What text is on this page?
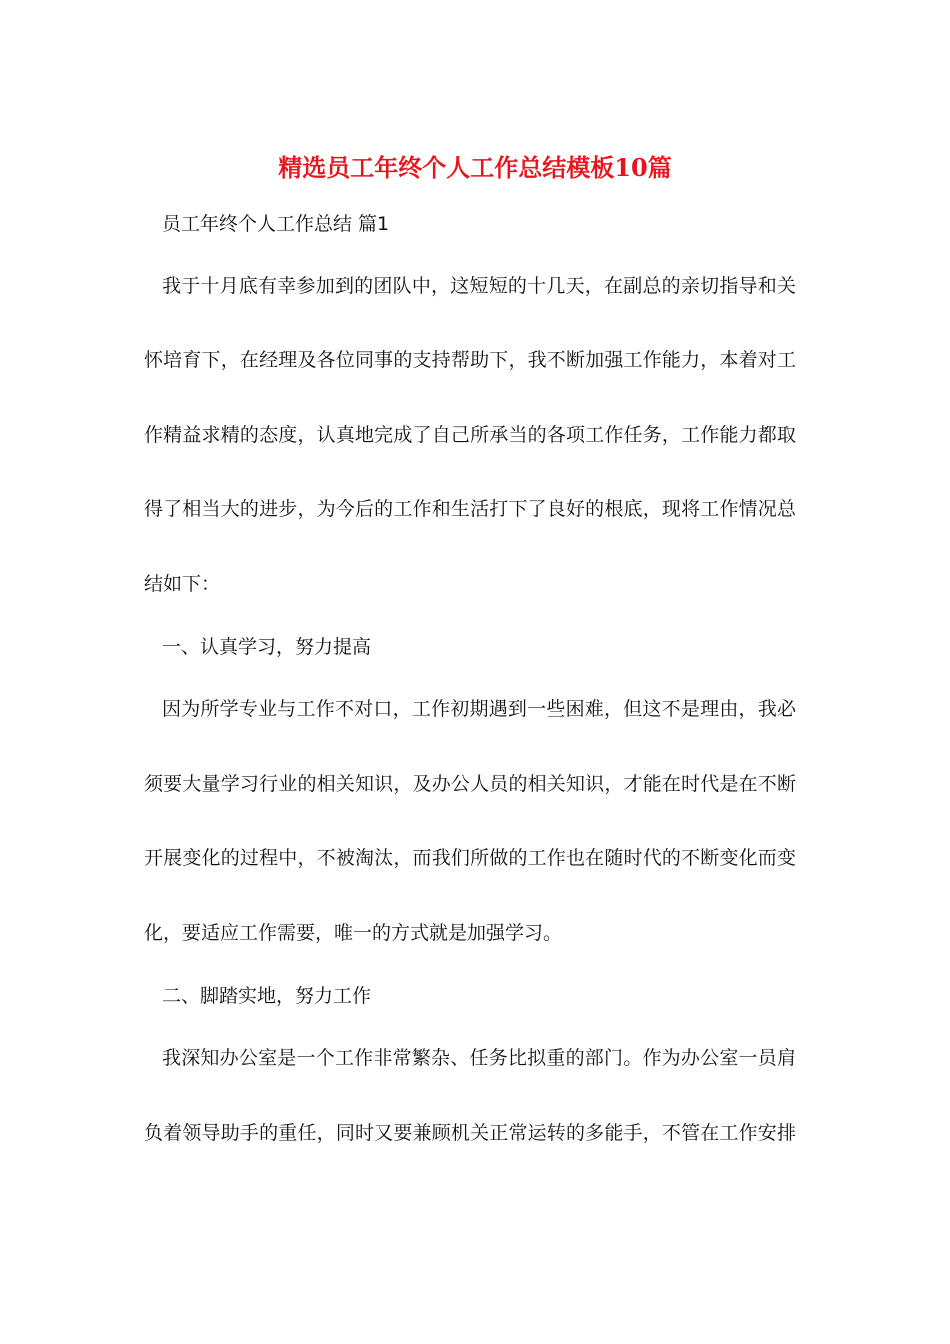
精选员工年终个人工作总结模板10篇

员工年终个人工作总结 篇1

我于十月底有幸参加到的团队中，这短短的十几天，在副总的亲切指导和关
怀培育下，在经理及各位同事的支持帮助下，我不断加强工作能力，本着对工
作精益求精的态度，认真地完成了自己所承当的各项工作任务，工作能力都取
得了相当大的进步，为今后的工作和生活打下了良好的根底，现将工作情况总
结如下：

一、认真学习，努力提高

因为所学专业与工作不对口，工作初期遇到一些困难，但这不是理由，我必
须要大量学习行业的相关知识，及办公人员的相关知识，才能在时代是在不断
开展变化的过程中，不被淘汰，而我们所做的工作也在随时代的不断变化而变
化，要适应工作需要，唯一的方式就是加强学习。

二、脚踏实地，努力工作

我深知办公室是一个工作非常繁杂、任务比拟重的部门。作为办公室一员肩
负着领导助手的重任，同时又要兼顾机关正常运转的多能手，不管在工作安排
